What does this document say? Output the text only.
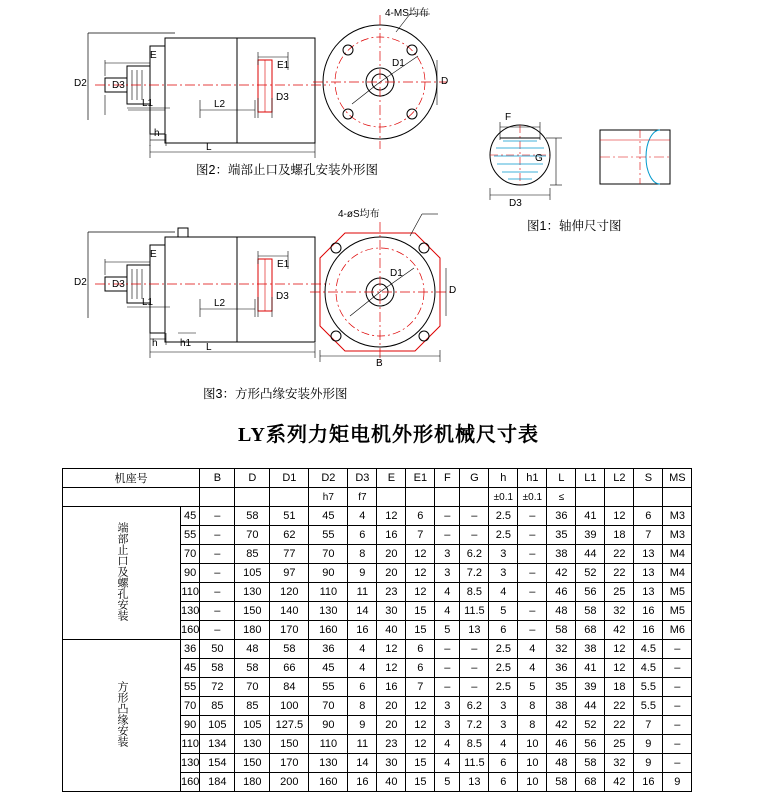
4-MS均布
D2
E
D3
L1	L2
E1
D3
h
L
D
D1
图2：端部止口及螺孔安装外形图
F
G
D3
图1：轴伸尺寸图
4-øS均布
D2
E
D3
L1	L2
E1
D3
h h1 L
D
D1
B
图3：方形凸缘安装外形图
LY系列力矩电机外形机械尺寸表
机座号		B	D	D1	D2	D3	E	E1	F	G	h	h1	L	L1	L2	S	MS
					h7	f7					±0.1	±0.1	≤				
端部止口及螺孔安装	45	–	58	51	45	4	12	6	–	–	2.5	–	36	41	12	6	M3
	55	–	70	62	55	6	16	7	–	–	2.5	–	35	39	18	7	M3
	70	–	85	77	70	8	20	12	3	6.2	3	–	38	44	22	13	M4
	90	–	105	97	90	9	20	12	3	7.2	3	–	42	52	22	13	M4
	110	–	130	120	110	11	23	12	4	8.5	4	–	46	56	25	13	M5
	130	–	150	140	130	14	30	15	4	11.5	5	–	48	58	32	16	M5
	160	–	180	170	160	16	40	15	5	13	6	–	58	68	42	16	M6
方形凸缘安装	36	50	48	58	36	4	12	6	–	–	2.5	4	32	38	12	4.5	–
	45	58	58	66	45	4	12	6	–	–	2.5	4	36	41	12	4.5	–
	55	72	70	84	55	6	16	7	–	–	2.5	5	35	39	18	5.5	–
	70	85	85	100	70	8	20	12	3	6.2	3	8	38	44	22	5.5	–
	90	105	105	127.5	90	9	20	12	3	7.2	3	8	42	52	22	7	–
	110	134	130	150	110	11	23	12	4	8.5	4	10	46	56	25	9	–
	130	154	150	170	130	14	30	15	4	11.5	6	10	48	58	32	9	–
	160	184	180	200	160	16	40	15	5	13	6	10	58	68	42	16	9
